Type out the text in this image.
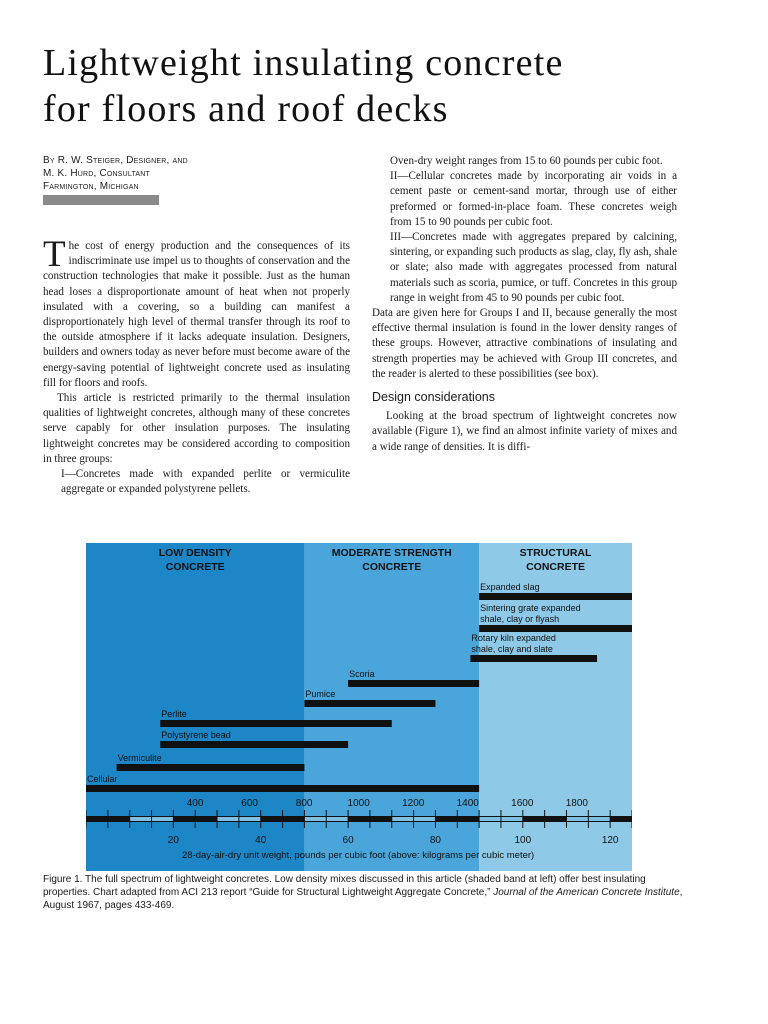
Lightweight insulating concrete
for floors and roof decks
By R. W. Steiger, Designer, and
M. K. Hurd, Consultant
Farmington, Michigan

The cost of energy production and the consequences of its indiscriminate use impel us to thoughts of conservation and the construction technologies that make it possible. Just as the human head loses a disproportionate amount of heat when not properly insulated with a covering, so a building can manifest a disproportionately high level of thermal transfer through its roof to the outside atmosphere if it lacks adequate insulation. Designers, builders and owners today as never before must become aware of the energy-saving potential of lightweight concrete used as insulating fill for floors and roofs.

This article is restricted primarily to the thermal insulation qualities of lightweight concretes, although many of these concretes serve capably for other insulation purposes. The insulating lightweight concretes may be considered according to composition in three groups:

I—Concretes made with expanded perlite or vermiculite aggregate or expanded polystyrene pellets.

Oven-dry weight ranges from 15 to 60 pounds per cubic foot.

II—Cellular concretes made by incorporating air voids in a cement paste or cement-sand mortar, through use of either preformed or formed-in-place foam. These concretes weigh from 15 to 90 pounds per cubic foot.

III—Concretes made with aggregates prepared by calcining, sintering, or expanding such products as slag, clay, fly ash, shale or slate; also made with aggregates processed from natural materials such as scoria, pumice, or tuff. Concretes in this group range in weight from 45 to 90 pounds per cubic foot.

Data are given here for Groups I and II, because generally the most effective thermal insulation is found in the lower density ranges of these groups. However, attractive combinations of insulating and strength properties may be achieved with Group III concretes, and the reader is alerted to these possibilities (see box).

Design considerations

Looking at the broad spectrum of lightweight concretes now available (Figure 1), we find an almost infinite variety of mixes and a wide range of densities. It is diffi-

LOW DENSITY
CONCRETE
MODERATE STRENGTH
CONCRETE
STRUCTURAL
CONCRETE
Expanded slag
Sintering grate expanded
shale, clay or flyash
Rotary kiln expanded
shale, clay and slate
Scoria
Pumice
Perlite
Polystyrene bead
Vermiculite
Cellular
400	600	800	1000	1200	1400	1600	1800
20	40	60	80	100	120
28-day-air-dry unit weight, pounds per cubic foot (above: kilograms per cubic meter)
Figure 1. The full spectrum of lightweight concretes. Low density mixes discussed in this article (shaded band at left) offer best insulating properties. Chart adapted from ACI 213 report “Guide for Structural Lightweight Aggregate Concrete,” Journal of the American Concrete Institute, August 1967, pages 433-469.
